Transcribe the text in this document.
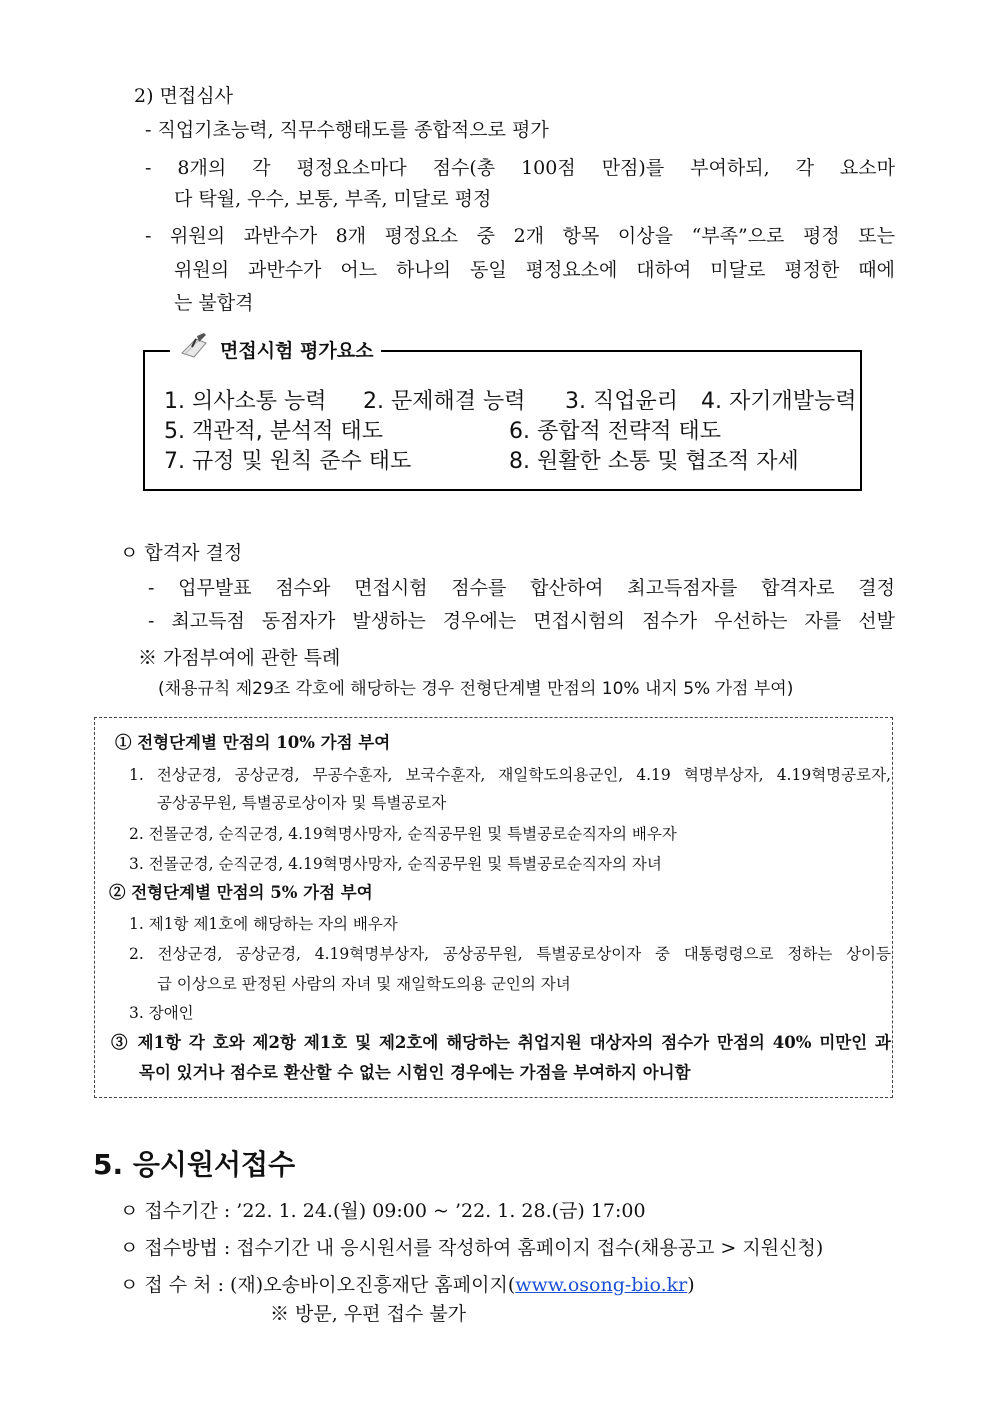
2) 면접심사
- 직업기초능력, 직무수행태도를 종합적으로 평가
- 8개의 각 평정요소마다 점수(총 100점 만점)를 부여하되, 각 요소마
다 탁월, 우수, 보통, 부족, 미달로 평정
- 위원의 과반수가 8개 평정요소 중 2개 항목 이상을 “부족”으로 평정 또는
위원의 과반수가 어느 하나의 동일 평정요소에 대하여 미달로 평정한 때에
는 불합격
1. 의사소통 능력 2. 문제해결 능력 3. 직업윤리 4. 자기개발능력
5. 객관적, 분석적 태도	6. 종합적 전략적 태도
7. 규정 및 원칙 준수 태도	8. 원활한 소통 및 협조적 자세
면접시험 평가요소
ㅇ 합격자 결정
- 업무발표 점수와 면접시험 점수를 합산하여 최고득점자를 합격자로 결정
- 최고득점 동점자가 발생하는 경우에는 면접시험의 점수가 우선하는 자를 선발
※ 가점부여에 관한 특례
(채용규칙 제29조 각호에 해당하는 경우 전형단계별 만점의 10% 내지 5% 가점 부여)
① 전형단계별 만점의 10% 가점 부여
1. 전상군경, 공상군경, 무공수훈자, 보국수훈자, 재일학도의용군인, 4.19 혁명부상자, 4.19혁명공로자,
공상공무원, 특별공로상이자 및 특별공로자
2. 전몰군경, 순직군경, 4.19혁명사망자, 순직공무원 및 특별공로순직자의 배우자
3. 전몰군경, 순직군경, 4.19혁명사망자, 순직공무원 및 특별공로순직자의 자녀
② 전형단계별 만점의 5% 가점 부여
1. 제1항 제1호에 해당하는 자의 배우자
2. 전상군경, 공상군경, 4.19혁명부상자, 공상공무원, 특별공로상이자 중 대통령령으로 정하는 상이등
급 이상으로 판정된 사람의 자녀 및 재일학도의용 군인의 자녀
3. 장애인
③ 제1항 각 호와 제2항 제1호 및 제2호에 해당하는 취업지원 대상자의 점수가 만점의 40% 미만인 과
목이 있거나 점수로 환산할 수 없는 시험인 경우에는 가점을 부여하지 아니함
5. 응시원서접수
ㅇ 접수기간 : ’22. 1. 24.(월) 09:00 ~ ’22. 1. 28.(금) 17:00
ㅇ 접수방법 : 접수기간 내 응시원서를 작성하여 홈페이지 접수(채용공고 > 지원신청)
ㅇ 접 수 처 : (재)오송바이오진흥재단 홈페이지(www.osong-bio.kr)
※ 방문, 우편 접수 불가
